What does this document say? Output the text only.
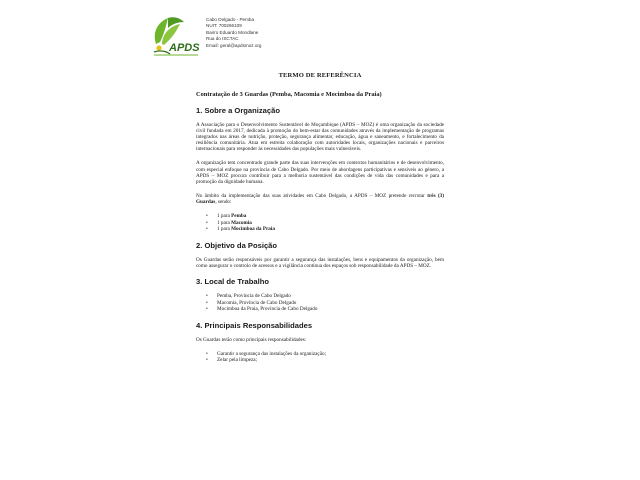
APDS
Cabo Delgado - Pemba
NUIT: 700266109
Bairro Eduardo Mondlane
Rua do ISCTAC
Email: geral@apdsmoz.org
TERMO DE REFERÊNCIA
Contratação de 3 Guardas (Pemba, Macomia e Mocimboa da Praia)
1. Sobre a Organização
A Associação para o Desenvolvimento Sustentável de Moçambique (APDS – MOZ) é uma organização da sociedade civil fundada em 2017, dedicada à promoção do bem-estar das comunidades através da implementação de programas integrados nas áreas de nutrição, proteção, segurança alimentar, educação, água e saneamento, e fortalecimento da resiliência comunitária. Atua em estreita colaboração com autoridades locais, organizações nacionais e parceiros internacionais para responder às necessidades das populações mais vulneráveis.
A organização tem concentrado grande parte das suas intervenções em contextos humanitários e de desenvolvimento, com especial enfoque na província de Cabo Delgado. Por meio de abordagens participativas e sensíveis ao género, a APDS – MOZ procura contribuir para a melhoria sustentável das condições de vida das comunidades e para a promoção da dignidade humana.
No âmbito da implementação das suas atividades em Cabo Delgado, a APDS – MOZ pretende recrutar três (3) Guardas, sendo:
• 1 para Pemba
• 1 para Macomia
• 1 para Mocimboa da Praia
2. Objetivo da Posição
Os Guardas serão responsáveis por garantir a segurança das instalações, bens e equipamentos da organização, bem como assegurar o controlo de acessos e a vigilância contínua dos espaços sob responsabilidade da APDS – MOZ.
3. Local de Trabalho
• Pemba, Província de Cabo Delgado
• Macomia, Província de Cabo Delgado
• Mocimboa da Praia, Província de Cabo Delgado
4. Principais Responsabilidades
Os Guardas terão como principais responsabilidades:
• Garantir a segurança das instalações da organização;
• Zelar pela limpeza;
